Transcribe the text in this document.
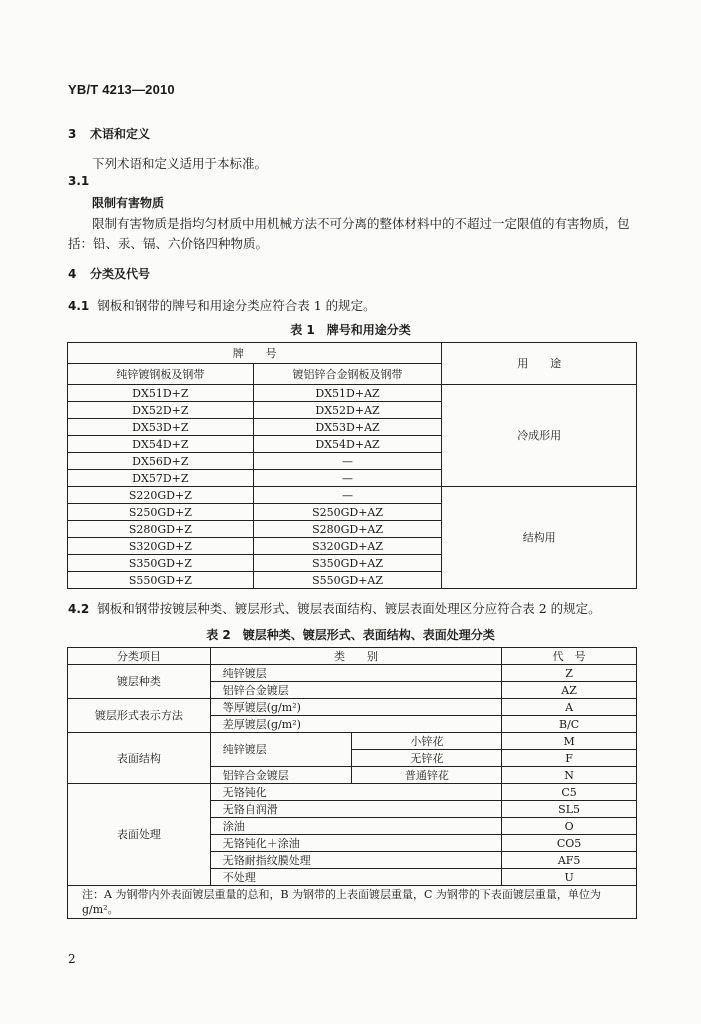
YB/T 4213—2010
3 术语和定义
下列术语和定义适用于本标准。
3.1
限制有害物质
限制有害物质是指均匀材质中用机械方法不可分离的整体材料中的不超过一定限值的有害物质，包
括：铅、汞、镉、六价铬四种物质。
4 分类及代号
4.1 钢板和钢带的牌号和用途分类应符合表 1 的规定。
表 1　牌号和用途分类
牌　　号		用　　途
纯锌镀钢板及钢带	镀铝锌合金钢板及钢带	
DX51D+Z	DX51D+AZ	冷成形用
DX52D+Z	DX52D+AZ	
DX53D+Z	DX53D+AZ	
DX54D+Z	DX54D+AZ	
DX56D+Z	—	
DX57D+Z	—	
S220GD+Z	—	结构用
S250GD+Z	S250GD+AZ	
S280GD+Z	S280GD+AZ	
S320GD+Z	S320GD+AZ	
S350GD+Z	S350GD+AZ	
S550GD+Z	S550GD+AZ	
4.2 钢板和钢带按镀层种类、镀层形式、镀层表面结构、镀层表面处理区分应符合表 2 的规定。
表 2　镀层种类、镀层形式、表面结构、表面处理分类
分类项目	类　　别		代　号
镀层种类	纯锌镀层		Z
	铝锌合金镀层		AZ
镀层形式表示方法	等厚镀层(g/m²)		A
	差厚镀层(g/m²)		B/C
表面结构	纯锌镀层	小锌花	M
		无锌花	F
	铝锌合金镀层	普通锌花	N
表面处理	无铬钝化		C5
	无铬自润滑		SL5
	涂油		O
	无铬钝化＋涂油		CO5
	无铬耐指纹膜处理		AF5
	不处理		U
注：A 为钢带内外表面镀层重量的总和，B 为钢带的上表面镀层重量，C 为钢带的下表面镀层重量，单位为 g/m²。			
2
